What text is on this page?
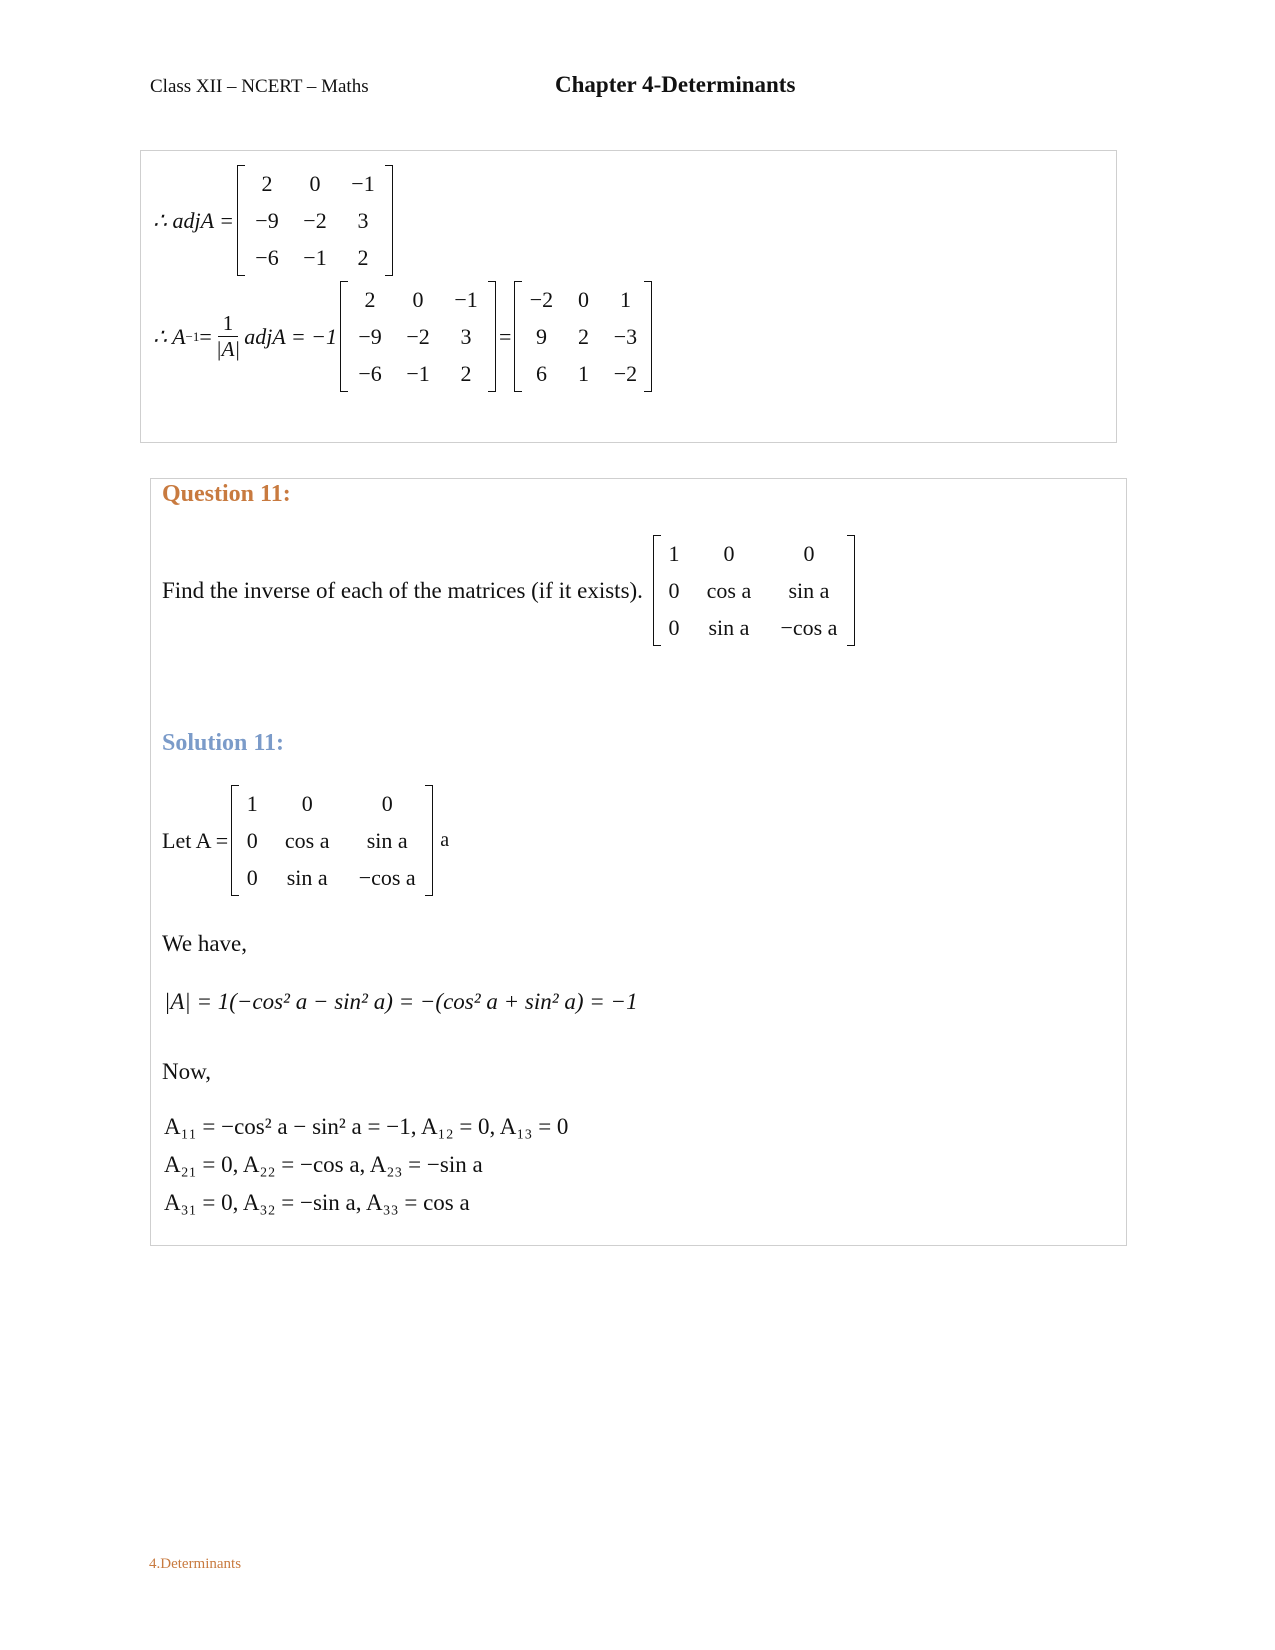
Class XII – NCERT – Maths	Chapter 4-Determinants
∴ adjA =
2	0	−1
−9	−2	3
−6	−1	2
∴ $A -1 = \frac{1}{|A|}$ adjA = −1
2	0	−1
−9	−2	3
−6	−1	2
=
−2	0	1
9	2	−3
6	1	−2
Question 11:
Find the inverse of each of the matrices (if it exists).
1	0	0
0	cos a	sin a
0	sin a	−cos a
Solution 11:
Let A =
1	0	0
0	cos a	sin a
0	sin a	−cos a
a
We have,
|A| = 1(−cos² a − sin² a) = −(cos² a + sin² a) = −1
Now,
A₁₁ = −cos² a − sin² a = −1, A₁₂ = 0, A₁₃ = 0
A₂₁ = 0, A₂₂ = −cos a, A₂₃ = −sin a
A₃₁ = 0, A₃₂ = −sin a, A₃₃ = cos a
4.Determinants
